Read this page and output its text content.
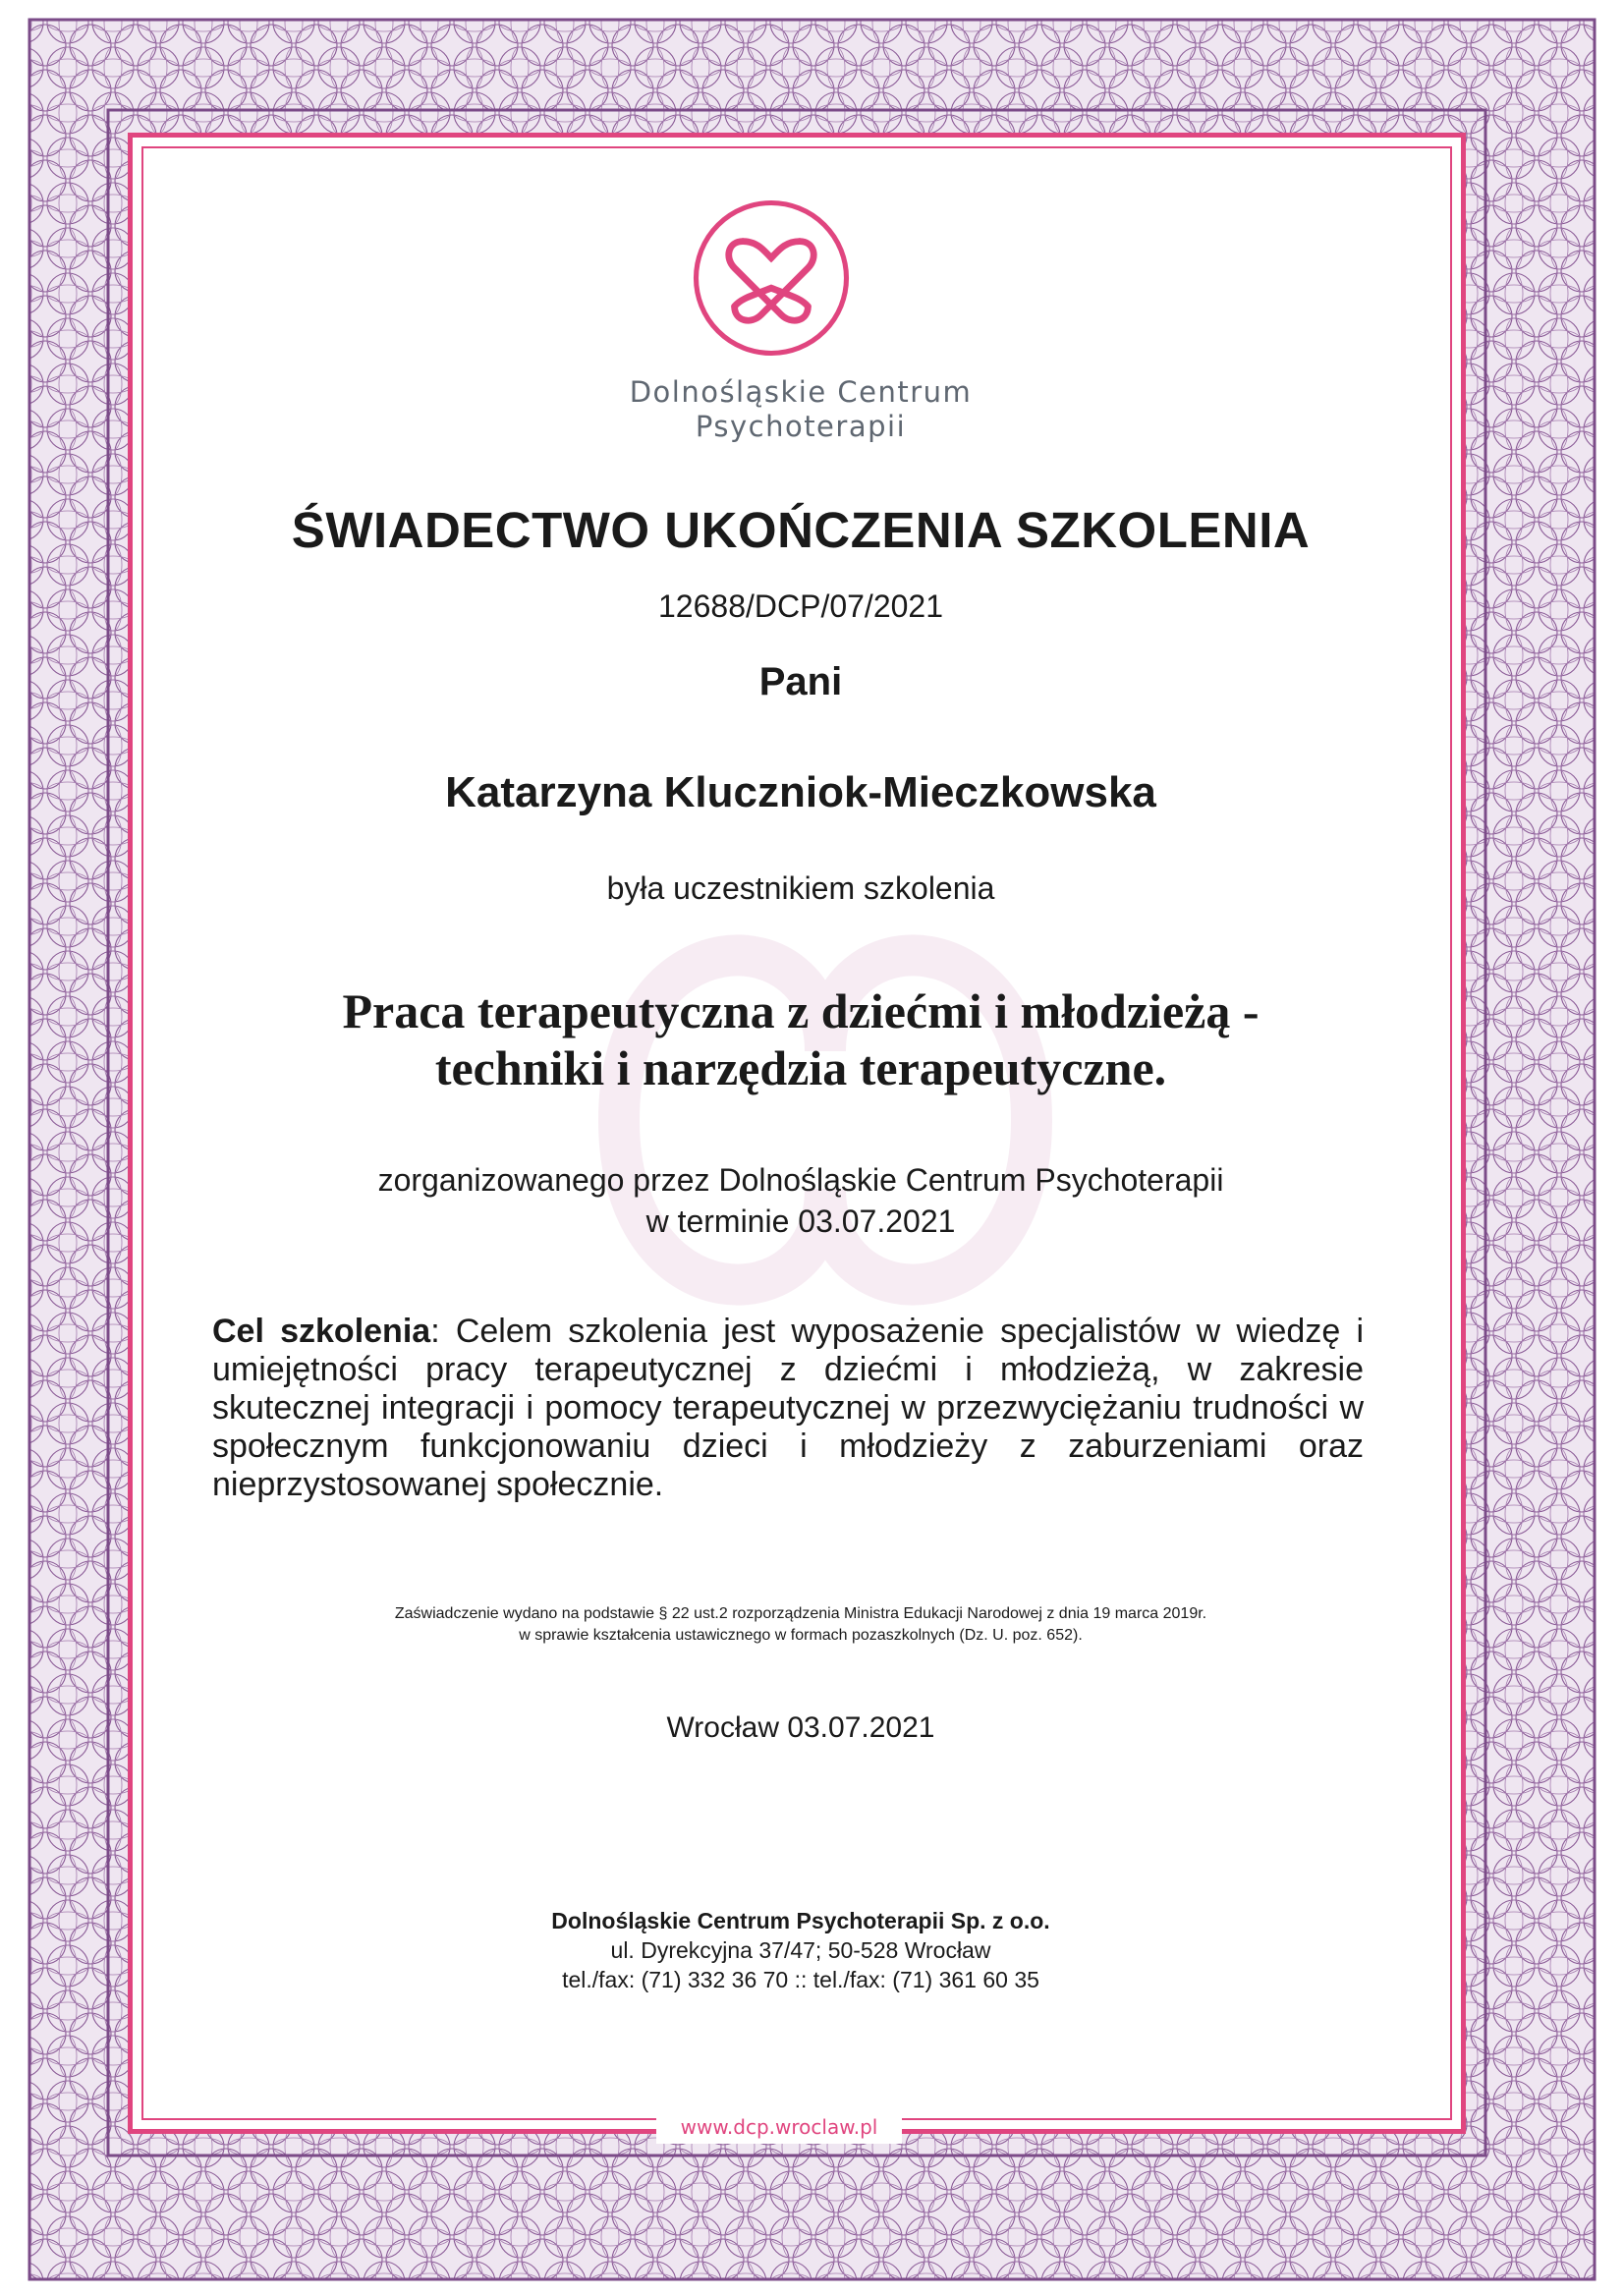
Dolnośląskie Centrum
Psychoterapii
ŚWIADECTWO UKOŃCZENIA SZKOLENIA
12688/DCP/07/2021
Pani
Katarzyna Kluczniok-Mieczkowska
była uczestnikiem szkolenia
Praca terapeutyczna z dziećmi i młodzieżą -
techniki i narzędzia terapeutyczne.
zorganizowanego przez Dolnośląskie Centrum Psychoterapii
w terminie 03.07.2021
Cel szkolenia: Celem szkolenia jest wyposażenie specjalistów w wiedzę i umiejętności pracy terapeutycznej z dziećmi i młodzieżą, w zakresie skutecznej integracji i pomocy terapeutycznej w przezwyciężaniu trudności w społecznym funkcjonowaniu dzieci i młodzieży z zaburzeniami oraz nieprzystosowanej społecznie.
Zaświadczenie wydano na podstawie § 22 ust.2 rozporządzenia Ministra Edukacji Narodowej z dnia 19 marca 2019r.
w sprawie kształcenia ustawicznego w formach pozaszkolnych (Dz. U. poz. 652).
Wrocław 03.07.2021
Dolnośląskie Centrum Psychoterapii Sp. z o.o.
ul. Dyrekcyjna 37/47; 50-528 Wrocław
tel./fax: (71) 332 36 70 :: tel./fax: (71) 361 60 35
www.dcp.wroclaw.pl
